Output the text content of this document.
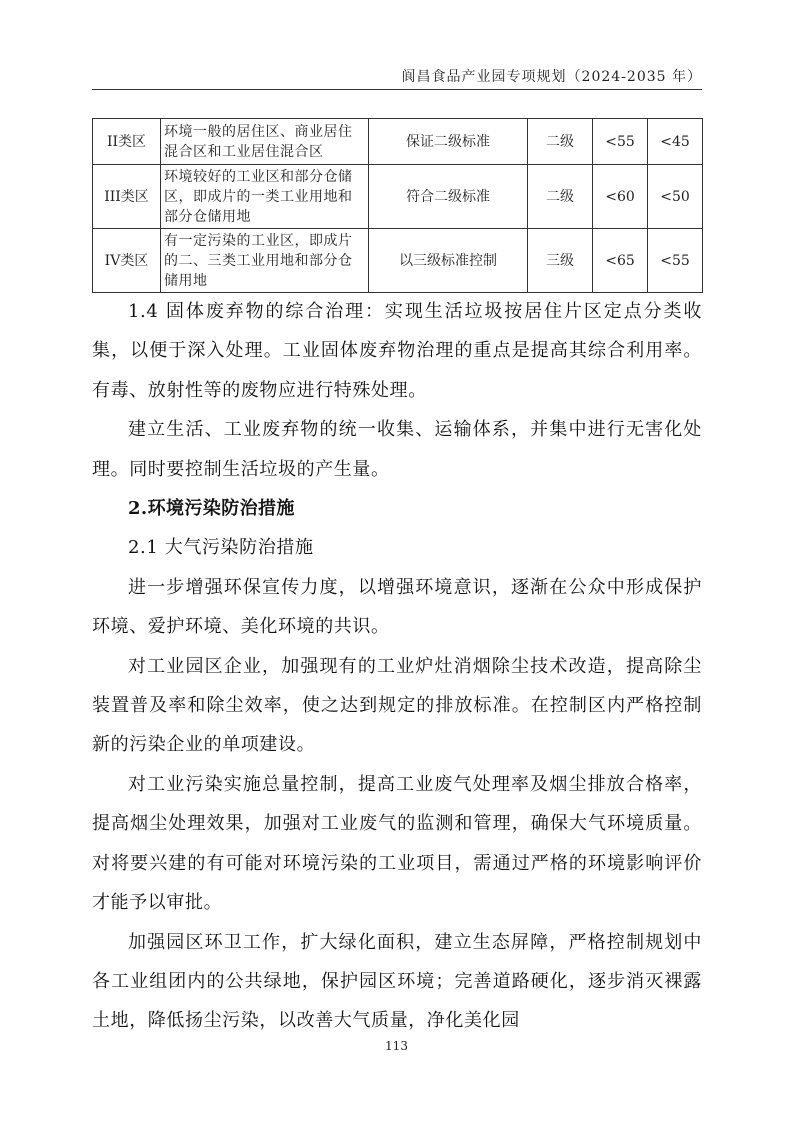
阆昌食品产业园专项规划（2024-2035 年）
II类区	环境一般的居住区、商业居住混合区和工业居住混合区	保证二级标准	二级	<55	<45
III类区	环境较好的工业区和部分仓储区，即成片的一类工业用地和部分仓储用地	符合二级标准	二级	<60	<50
IV类区	有一定污染的工业区，即成片的二、三类工业用地和部分仓储用地	以三级标准控制	三级	<65	<55

1.4 固体废弃物的综合治理：实现生活垃圾按居住片区定点分类收集，以便于深入处理。工业固体废弃物治理的重点是提高其综合利用率。有毒、放射性等的废物应进行特殊处理。

建立生活、工业废弃物的统一收集、运输体系，并集中进行无害化处理。同时要控制生活垃圾的产生量。

2.环境污染防治措施

2.1 大气污染防治措施

进一步增强环保宣传力度，以增强环境意识，逐渐在公众中形成保护环境、爱护环境、美化环境的共识。

对工业园区企业，加强现有的工业炉灶消烟除尘技术改造，提高除尘装置普及率和除尘效率，使之达到规定的排放标准。在控制区内严格控制新的污染企业的单项建设。

对工业污染实施总量控制，提高工业废气处理率及烟尘排放合格率，提高烟尘处理效果，加强对工业废气的监测和管理，确保大气环境质量。对将要兴建的有可能对环境污染的工业项目，需通过严格的环境影响评价才能予以审批。

加强园区环卫工作，扩大绿化面积，建立生态屏障，严格控制规划中各工业组团内的公共绿地，保护园区环境；完善道路硬化，逐步消灭裸露土地，降低扬尘污染，以改善大气质量，净化美化园

113
